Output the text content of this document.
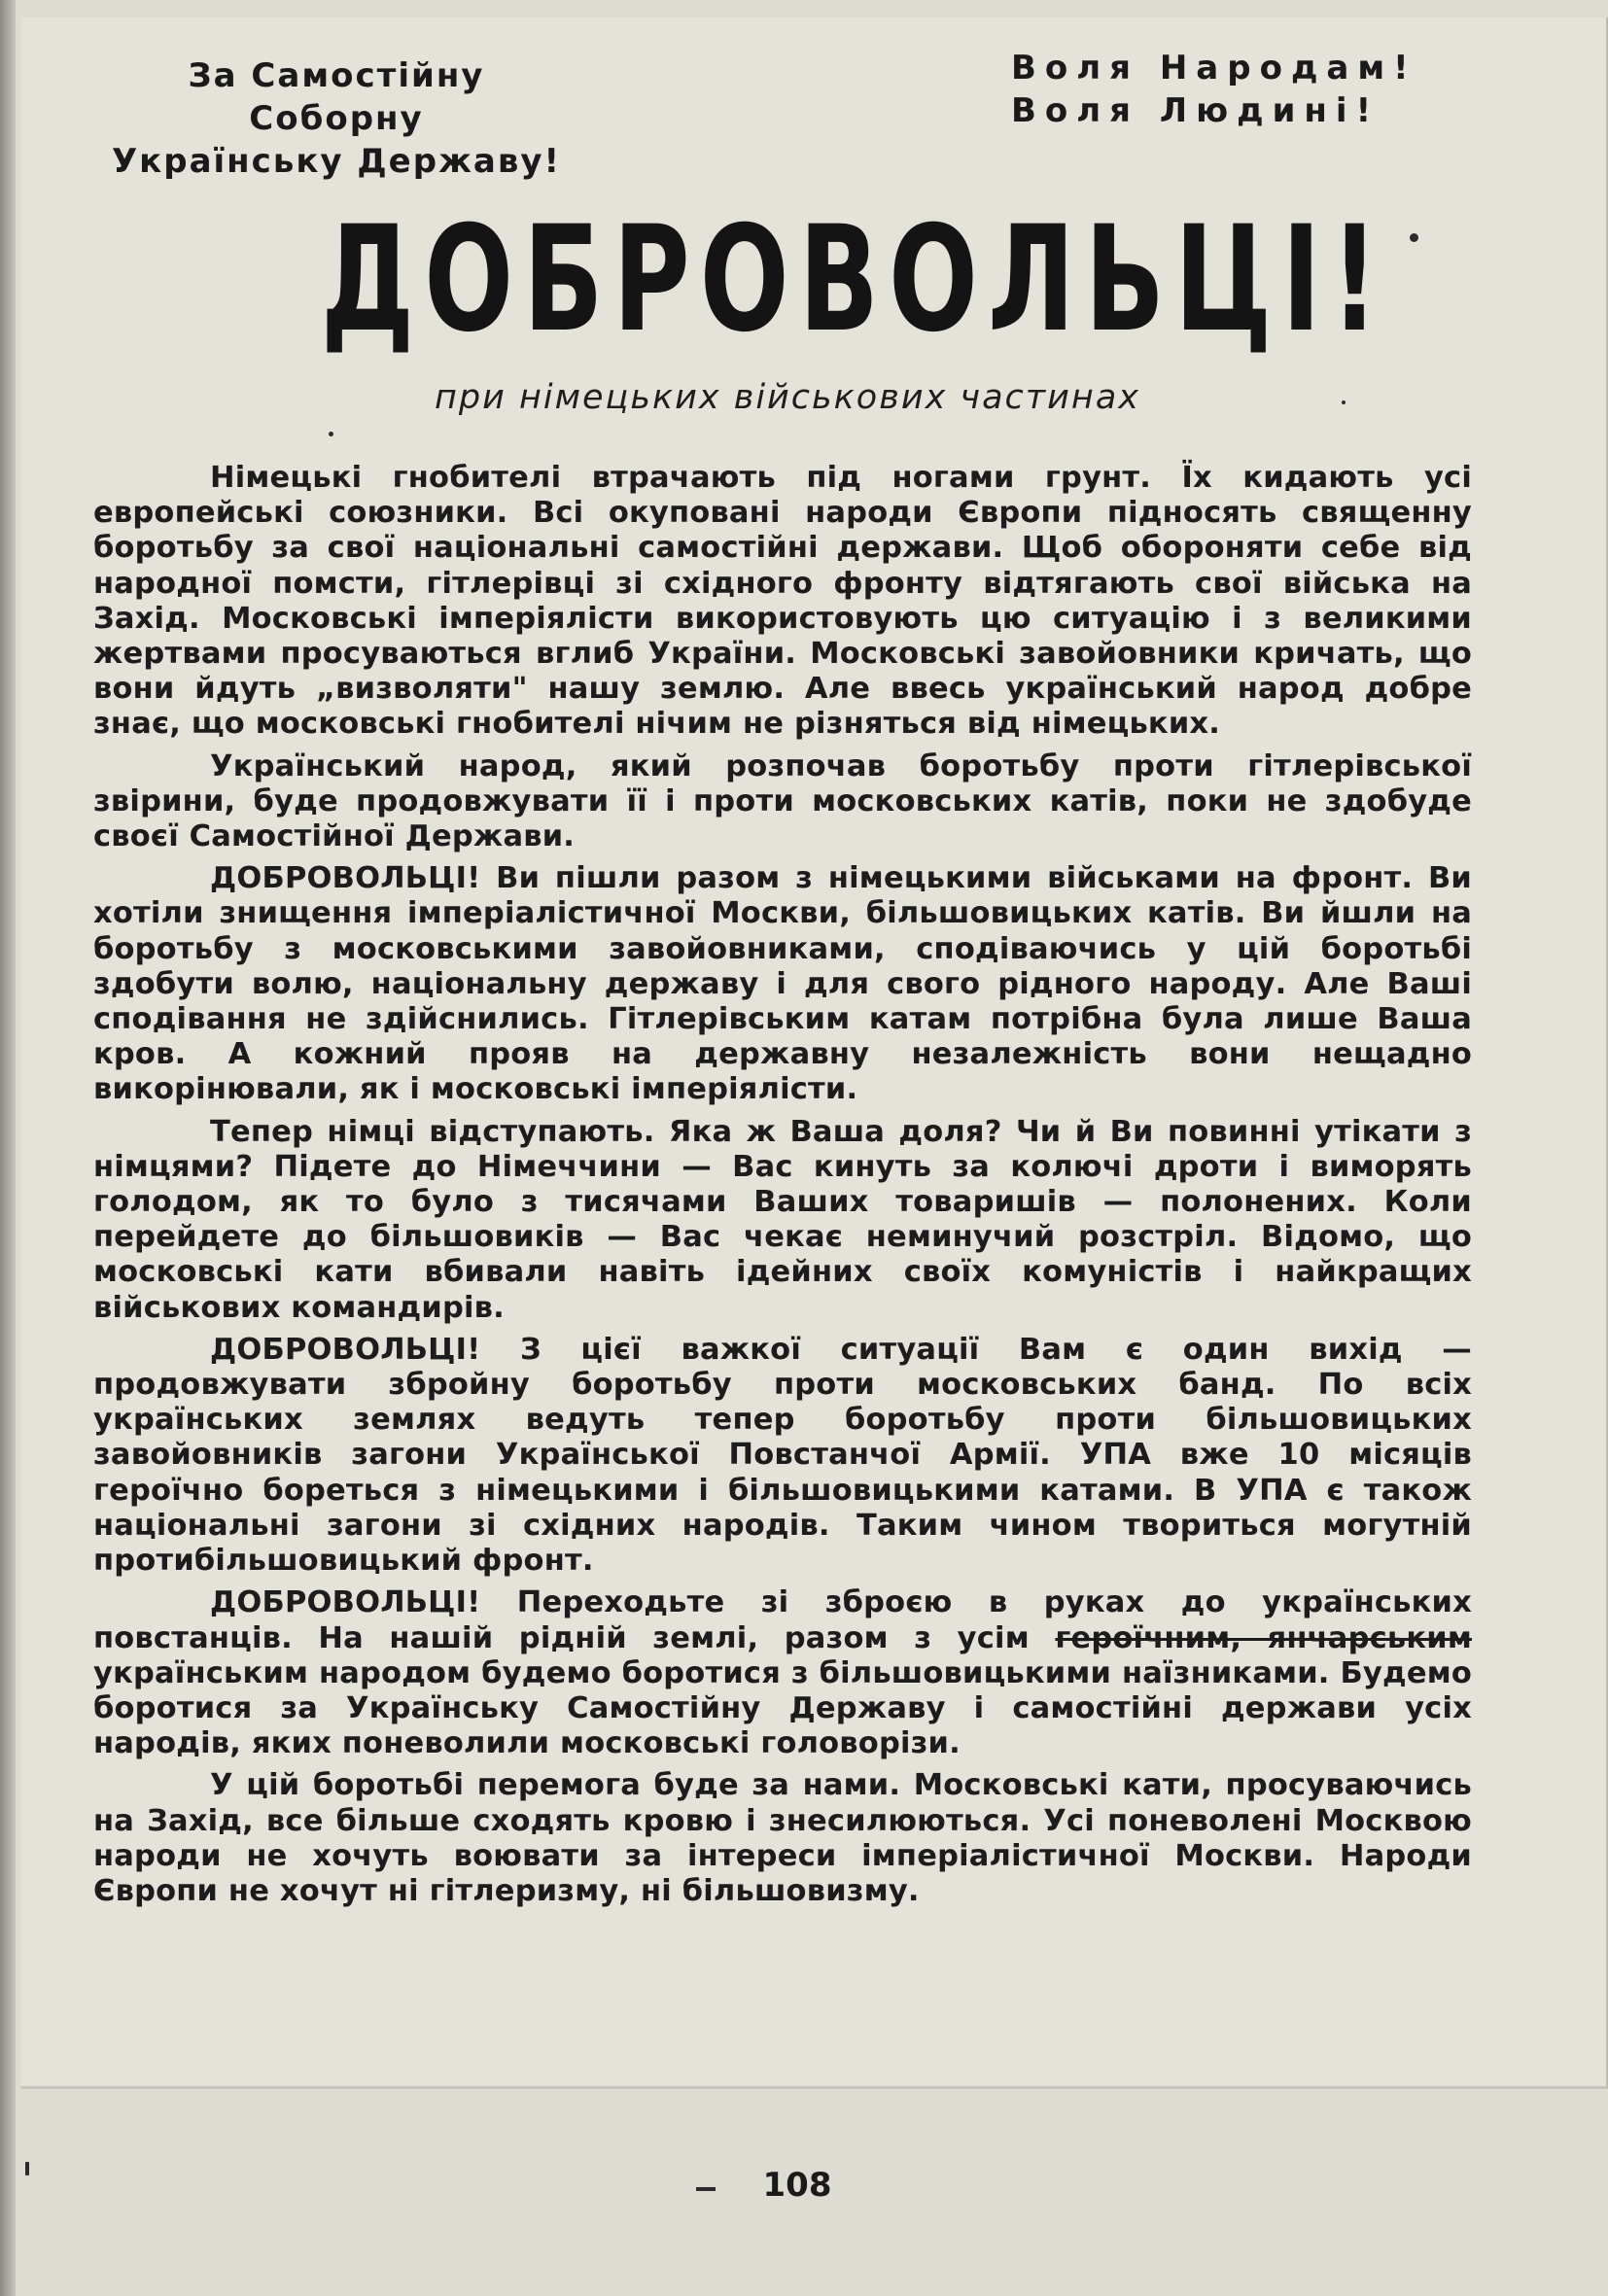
За Самостійну Соборну
Українську Державу!
Воля Народам!
Воля Людині!
ДОБРОВОЛЬЦІ!
при німецьких військових частинах

Німецькі гнобителі втрачають під ногами грунт. Їх кидають усі европейські союзники. Всі окуповані народи Європи підносять священну боротьбу за свої національні самостійні держави. Щоб обороняти себе від народної помсти, гітлерівці зі східного фронту відтягають свої війська на Захід. Московські імперіялісти використовують цю ситуацію і з великими жертвами просуваються вглиб України. Московські завойовники кричать, що вони йдуть „визволяти" нашу землю. Але ввесь український народ добре знає, що московські гнобителі нічим не різняться від німецьких.

Український народ, який розпочав боротьбу проти гітлерівської звірини, буде продовжувати її і проти московських катів, поки не здобуде своєї Самостійної Держави.

ДОБРОВОЛЬЦІ! Ви пішли разом з німецькими військами на фронт. Ви хотіли знищення імперіалістичної Москви, більшовицьких катів. Ви йшли на боротьбу з московськими завойовниками, сподіваючись у цій боротьбі здобути волю, національну державу і для свого рідного народу. Але Ваші сподівання не здійснились. Гітлерівським катам потрібна була лише Ваша кров. А кожний прояв на державну незалежність вони нещадно викорінювали, як і московські імперіялісти.

Тепер німці відступають. Яка ж Ваша доля? Чи й Ви повинні утікати з німцями? Підете до Німеччини — Вас кинуть за колючі дроти і виморять голодом, як то було з тисячами Ваших товаришів — полонених. Коли перейдете до більшовиків — Вас чекає неминучий розстріл. Відомо, що московські кати вбивали навіть ідейних своїх комуністів і найкращих військових командирів.

ДОБРОВОЛЬЦІ! З цієї важкої ситуації Вам є один вихід — продовжувати збройну боротьбу проти московських банд. По всіх українських землях ведуть тепер боротьбу проти більшовицьких завойовників загони Української Повстанчої Армії. УПА вже 10 місяців героїчно бореться з німецькими і більшовицькими катами. В УПА є також національні загони зі східних народів. Таким чином твориться могутній протибільшовицький фронт.

ДОБРОВОЛЬЦІ! Переходьте зі зброєю в руках до українських повстанців. На нашій рідній землі, разом з усім героїчним, янчарським українським народом будемо боротися з більшовицькими наїзниками. Будемо боротися за Українську Самостійну Державу і самостійні держави усіх народів, яких поневолили московські головорізи.

У цій боротьбі перемога буде за нами. Московські кати, просуваючись на Захід, все більше сходять кровю і знесилюються. Усі поневолені Москвою народи не хочуть воювати за інтереси імперіалістичної Москви. Народи Європи не хочут ні гітлеризму, ні більшовизму.

108
